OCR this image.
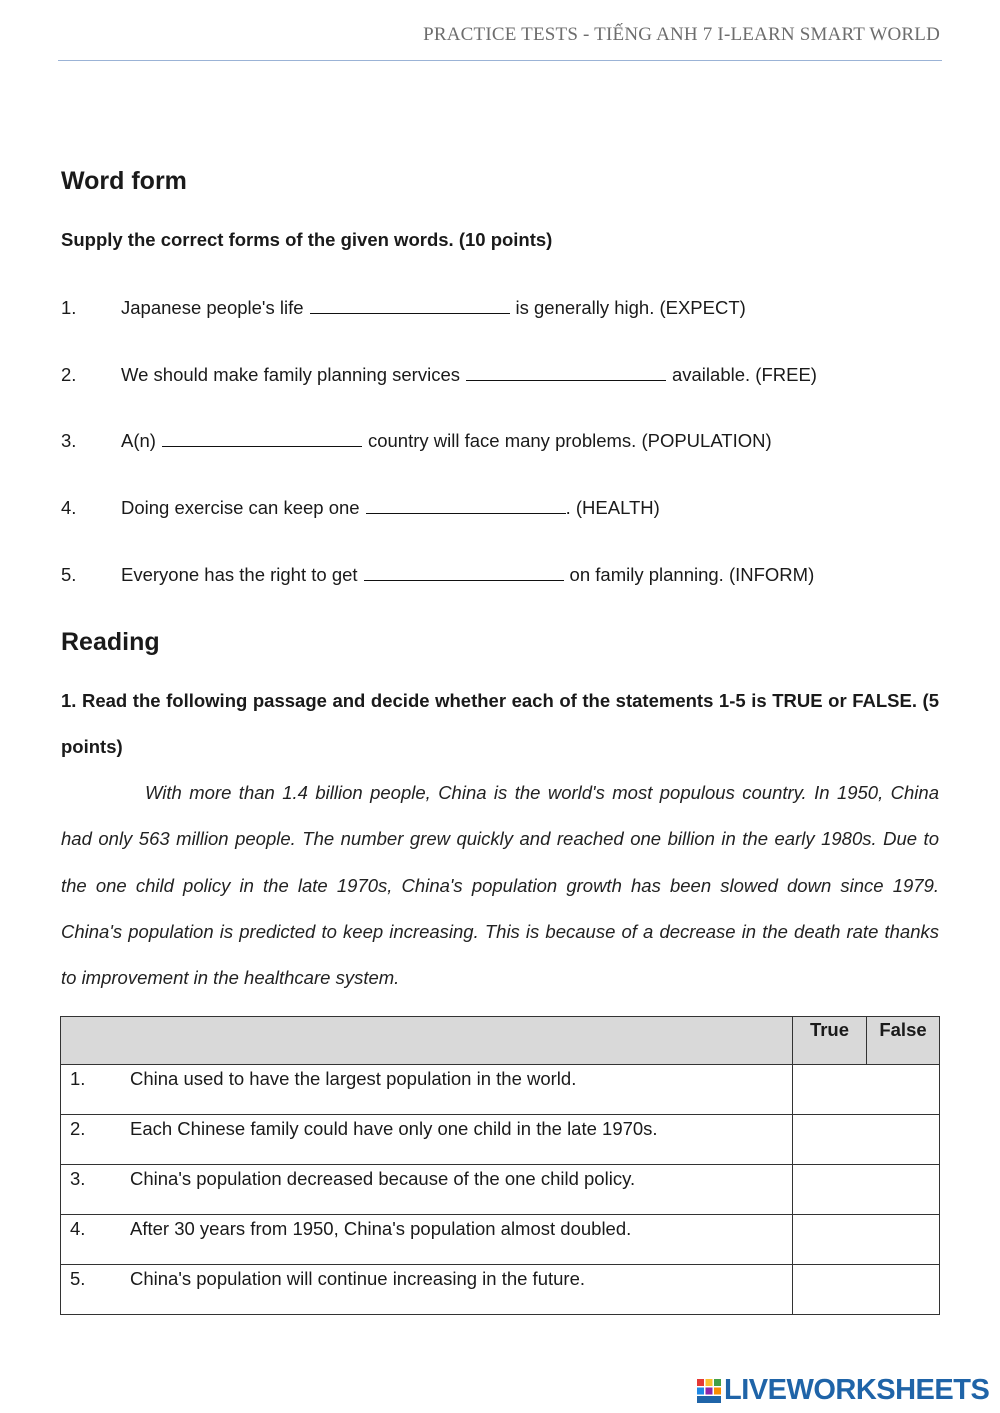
PRACTICE TESTS - TIẾNG ANH 7 I-LEARN SMART WORLD
Word form
Supply the correct forms of the given words. (10 points)
1. Japanese people's life	is generally high. (EXPECT)
2. We should make family planning services	available. (FREE)
3. A(n)	country will face many problems. (POPULATION)
4. Doing exercise can keep one	. (HEALTH)
5. Everyone has the right to get	on family planning. (INFORM)
Reading
1. Read the following passage and decide whether each of the statements 1-5 is TRUE or FALSE. (5 points)
With more than 1.4 billion people, China is the world's most populous country. In 1950, China had only 563 million people. The number grew quickly and reached one billion in the early 1980s. Due to the one child policy in the late 1970s, China's population growth has been slowed down since 1979. China's population is predicted to keep increasing. This is because of a decrease in the death rate thanks to improvement in the healthcare system.
	True	False
1. China used to have the largest population in the world.		
2. Each Chinese family could have only one child in the late 1970s.		
3. China's population decreased because of the one child policy.		
4. After 30 years from 1950, China's population almost doubled.		
5. China's population will continue increasing in the future.		
LIVEWORKSHEETS
